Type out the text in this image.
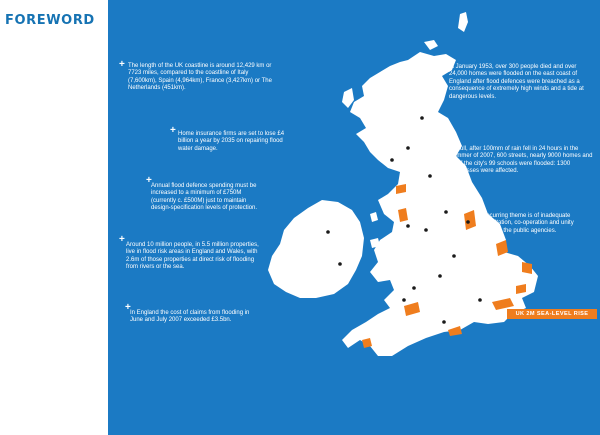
FOREWORD
+ The length of the UK coastline is around 12,429 km or 7723 miles, compared to the coastline of Italy (7,600km), Spain (4,964km), France (3,427km) or The Netherlands (451km).
+ Home insurance firms are set to lose £4 billion a year by 2035 on repairing flood water damage.
+ Annual flood defence spending must be increased to a minimum of £750M (currently c. £500M) just to maintain design-specification levels of protection.
+ Around 10 million people, in 5.5 million properties, live in flood risk areas in England and Wales, with 2.6m of those properties at direct risk of flooding from rivers or the sea.
+ In England the cost of claims from flooding in June and July 2007 exceeded £3.5bn.
+ In January 1953, over 300 people died and over 24,000 homes were flooded on the east coast of England after flood defences were breached as a consequence of extremely high winds and a tide at dangerous levels.
+
In Hull, after 100mm of rain fell in 24 hours in the Summer of 2007, 600 streets, nearly 9000 homes and 91 of the city's 99 schools were flooded: 1300 businesses were affected.
+
A recurring theme is of inadequate consultation, co-operation and unity between the public agencies.
UK 2M SEA-LEVEL RISE
